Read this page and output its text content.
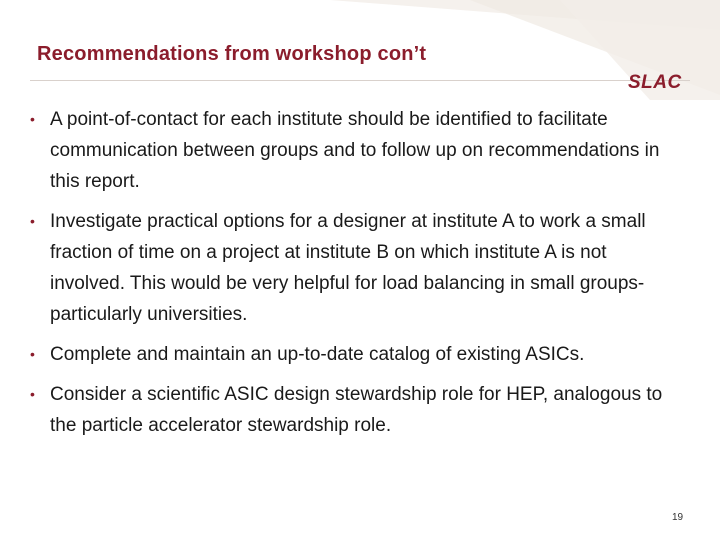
Recommendations from workshop con’t
SLAC
• A point-of-contact for each institute should be identified to facilitate communication between groups and to follow up on recommendations in this report.
• Investigate practical options for a designer at institute A to work a small fraction of time on a project at institute B on which institute A is not involved. This would be very helpful for load balancing in small groups- particularly universities.
• Complete and maintain an up-to-date catalog of existing ASICs.
• Consider a scientific ASIC design stewardship role for HEP, analogous to the particle accelerator stewardship role.
19
